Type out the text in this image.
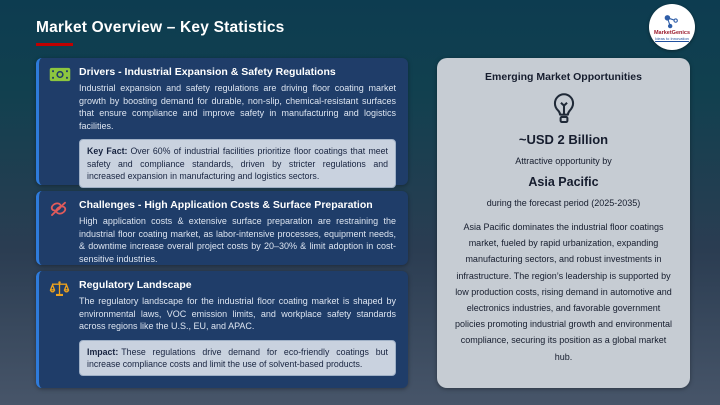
Market Overview – Key Statistics	MarketGenics
Ideas to Innovation
Drivers - Industrial Expansion & Safety Regulations
Industrial expansion and safety regulations are driving floor coating market growth by boosting demand for durable, non-slip, chemical-resistant surfaces that ensure compliance and improve safety in manufacturing and logistics facilities.
Key Fact: Over 60% of industrial facilities prioritize floor coatings that meet safety and compliance standards, driven by stricter regulations and increased expansion in manufacturing and logistics sectors.
Challenges - High Application Costs & Surface Preparation
High application costs & extensive surface preparation are restraining the industrial floor coating market, as labor-intensive processes, equipment needs, & downtime increase overall project costs by 20–30% & limit adoption in cost-sensitive industries.
Regulatory Landscape
The regulatory landscape for the industrial floor coating market is shaped by environmental laws, VOC emission limits, and workplace safety standards across regions like the U.S., EU, and APAC.
Impact: These regulations drive demand for eco-friendly coatings but increase compliance costs and limit the use of solvent-based products.
Emerging Market Opportunities
~USD 2 Billion
Attractive opportunity by
Asia Pacific
during the forecast period (2025-2035)
Asia Pacific dominates the industrial floor coatings market, fueled by rapid urbanization, expanding manufacturing sectors, and robust investments in infrastructure. The region’s leadership is supported by low production costs, rising demand in automotive and electronics industries, and favorable government policies promoting industrial growth and environmental compliance, securing its position as a global market hub.
